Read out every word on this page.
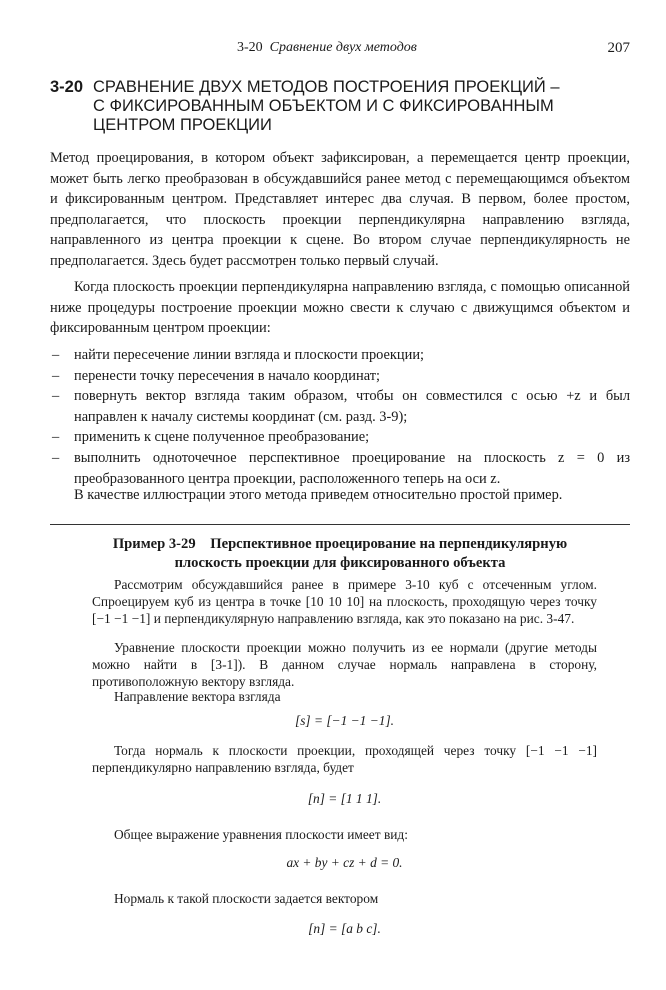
3-20 Сравнение двух методов	207
3-20 СРАВНЕНИЕ ДВУХ МЕТОДОВ ПОСТРОЕНИЯ ПРОЕКЦИЙ –
С ФИКСИРОВАННЫМ ОБЪЕКТОМ И С ФИКСИРОВАННЫМ
ЦЕНТРОМ ПРОЕКЦИИ
Метод проецирования, в котором объект зафиксирован, а перемещается центр проекции, может быть легко преобразован в обсуждавшийся ранее метод с перемещающимся объектом и фиксированным центром. Представляет интерес два случая. В первом, более простом, предполагается, что плоскость проекции перпендикулярна направлению взгляда, направленного из центра проекции к сцене. Во втором случае перпендикулярность не предполагается. Здесь будет рассмотрен только первый случай.
Когда плоскость проекции перпендикулярна направлению взгляда, с помощью описанной ниже процедуры построение проекции можно свести к случаю с движущимся объектом и фиксированным центром проекции:
– найти пересечение линии взгляда и плоскости проекции;
– перенести точку пересечения в начало координат;
– повернуть вектор взгляда таким образом, чтобы он совместился с осью +z и был направлен к началу системы координат (см. разд. 3-9);
– применить к сцене полученное преобразование;
– выполнить одноточечное перспективное проецирование на плоскость z = 0 из преобразованного центра проекции, расположенного теперь на оси z.
В качестве иллюстрации этого метода приведем относительно простой пример.
Пример 3-29 Перспективное проецирование на перпендикулярную
плоскость проекции для фиксированного объекта
Рассмотрим обсуждавшийся ранее в примере 3-10 куб с отсеченным углом. Спроецируем куб из центра в точке [10 10 10] на плоскость, проходящую через точку [−1 −1 −1] и перпендикулярную направлению взгляда, как это показано на рис. 3-47.
Уравнение плоскости проекции можно получить из ее нормали (другие методы можно найти в [3-1]). В данном случае нормаль направлена в сторону, противоположную вектору взгляда.
Направление вектора взгляда
[s] = [−1 −1 −1].
Тогда нормаль к плоскости проекции, проходящей через точку [−1 −1 −1] перпендикулярно направлению взгляда, будет
[n] = [1 1 1].
Общее выражение уравнения плоскости имеет вид:
ax + by + cz + d = 0.
Нормаль к такой плоскости задается вектором
[n] = [a b c].
